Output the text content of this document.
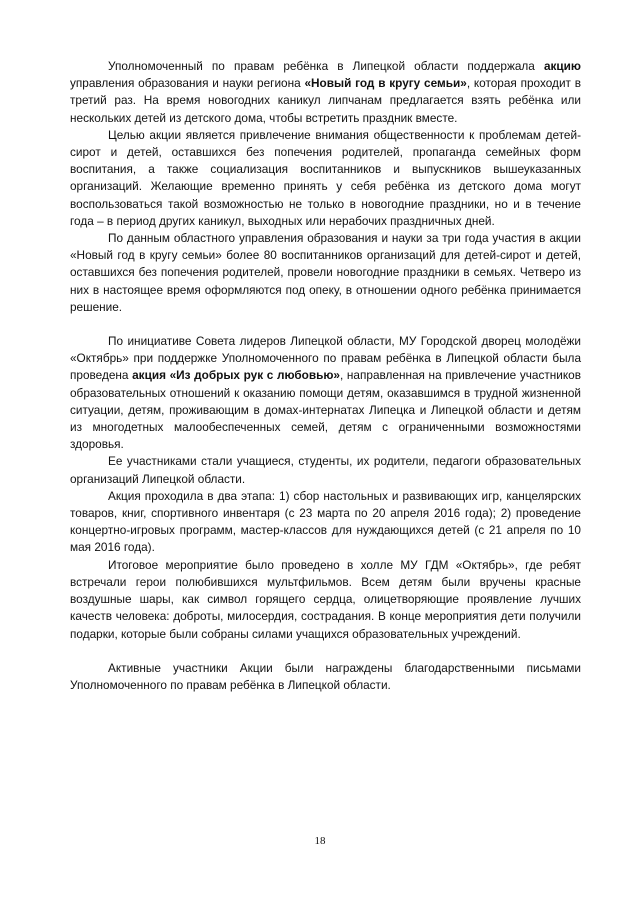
Уполномоченный по правам ребёнка в Липецкой области поддержала акцию управления образования и науки региона «Новый год в кругу семьи», которая проходит в третий раз. На время новогодних каникул липчанам предлагается взять ребёнка или нескольких детей из детского дома, чтобы встретить праздник вместе.

Целью акции является привлечение внимания общественности к проблемам детей-сирот и детей, оставшихся без попечения родителей, пропаганда семейных форм воспитания, а также социализация воспитанников и выпускников вышеуказанных организаций. Желающие временно принять у себя ребёнка из детского дома могут воспользоваться такой возможностью не только в новогодние праздники, но и в течение года – в период других каникул, выходных или нерабочих праздничных дней.

По данным областного управления образования и науки за три года участия в акции «Новый год в кругу семьи» более 80 воспитанников организаций для детей-сирот и детей, оставшихся без попечения родителей, провели новогодние праздники в семьях. Четверо из них в настоящее время оформляются под опеку, в отношении одного ребёнка принимается решение.

По инициативе Совета лидеров Липецкой области, МУ Городской дворец молодёжи «Октябрь» при поддержке Уполномоченного по правам ребёнка в Липецкой области была проведена акция «Из добрых рук с любовью», направленная на привлечение участников образовательных отношений к оказанию помощи детям, оказавшимся в трудной жизненной ситуации, детям, проживающим в домах-интернатах Липецка и Липецкой области и детям из многодетных малообеспеченных семей, детям с ограниченными возможностями здоровья.

Ее участниками стали учащиеся, студенты, их родители, педагоги образовательных организаций Липецкой области.

Акция проходила в два этапа: 1) сбор настольных и развивающих игр, канцелярских товаров, книг, спортивного инвентаря (с 23 марта по 20 апреля 2016 года); 2) проведение концертно-игровых программ, мастер-классов для нуждающихся детей (с 21 апреля по 10 мая 2016 года).

Итоговое мероприятие было проведено в холле МУ ГДМ «Октябрь», где ребят встречали герои полюбившихся мультфильмов. Всем детям были вручены красные воздушные шары, как символ горящего сердца, олицетворяющие проявление лучших качеств человека: доброты, милосердия, сострадания. В конце мероприятия дети получили подарки, которые были собраны силами учащихся образовательных учреждений.

Активные участники Акции были награждены благодарственными письмами Уполномоченного по правам ребёнка в Липецкой области.

18
